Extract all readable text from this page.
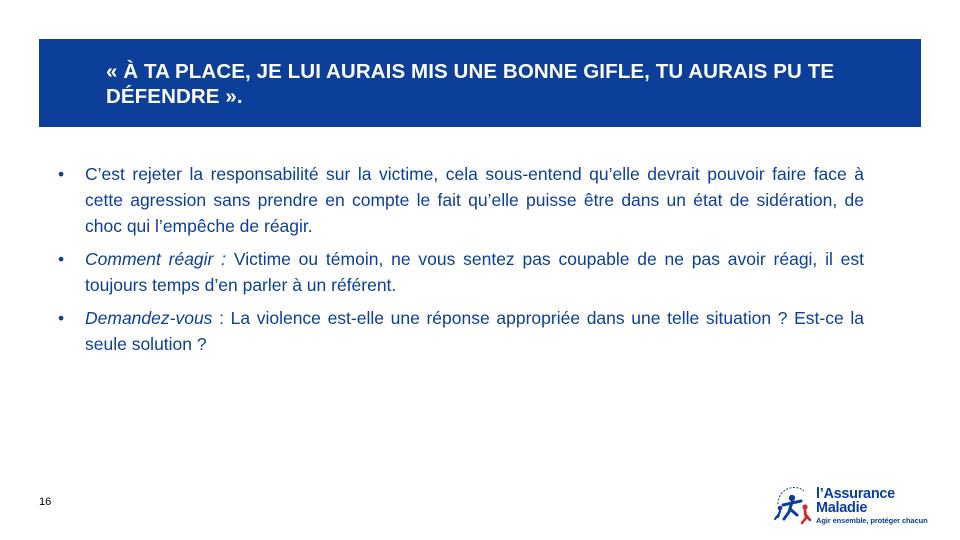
« À TA PLACE, JE LUI AURAIS MIS UNE BONNE GIFLE, TU AURAIS PU TE DÉFENDRE ».
• C’est rejeter la responsabilité sur la victime, cela sous-entend qu’elle devrait pouvoir faire face à cette agression sans prendre en compte le fait qu’elle puisse être dans un état de sidération, de choc qui l’empêche de réagir.
• Comment réagir : Victime ou témoin, ne vous sentez pas coupable de ne pas avoir réagi, il est toujours temps d’en parler à un référent.
• Demandez-vous : La violence est-elle une réponse appropriée dans une telle situation ? Est-ce la seule solution ?
16	l’Assurance
Maladie
Agir ensemble, protéger chacun
